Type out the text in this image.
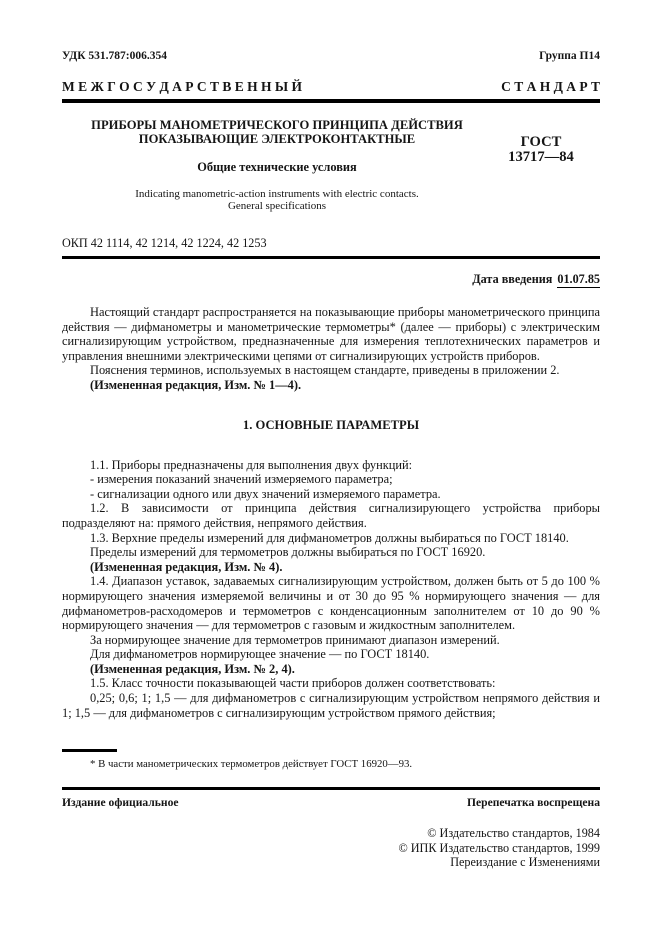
УДК 531.787:006.354	Группа П14
М Е Ж Г О С У Д А Р С Т В Е Н Н Ы Й	С Т А Н Д А Р Т
ПРИБОРЫ МАНОМЕТРИЧЕСКОГО ПРИНЦИПА ДЕЙСТВИЯ
ПОКАЗЫВАЮЩИЕ ЭЛЕКТРОКОНТАКТНЫЕ
Общие технические условия
Indicating manometric-action instruments with electric contacts.
General specifications
ГОСТ
13717—84
ОКП 42 1114, 42 1214, 42 1224, 42 1253
Дата введения 01.07.85

Настоящий стандарт распространяется на показывающие приборы манометрического принципа действия — дифманометры и манометрические термометры* (далее — приборы) с электрическим сигнализирующим устройством, предназначенные для измерения теплотехнических параметров и управления внешними электрическими цепями от сигнализирующих устройств приборов.

Пояснения терминов, используемых в настоящем стандарте, приведены в приложении 2.

(Измененная редакция, Изм. № 1—4).

1. ОСНОВНЫЕ ПАРАМЕТРЫ

1.1. Приборы предназначены для выполнения двух функций:

- измерения показаний значений измеряемого параметра;

- сигнализации одного или двух значений измеряемого параметра.

1.2. В зависимости от принципа действия сигнализирующего устройства приборы подразделяют на: прямого действия, непрямого действия.

1.3. Верхние пределы измерений для дифманометров должны выбираться по ГОСТ 18140.

Пределы измерений для термометров должны выбираться по ГОСТ 16920.

(Измененная редакция, Изм. № 4).

1.4. Диапазон уставок, задаваемых сигнализирующим устройством, должен быть от 5 до 100 % нормирующего значения измеряемой величины и от 30 до 95 % нормирующего значения — для дифманометров-расходомеров и термометров с конденсационным заполнителем от 10 до 90 % нормирующего значения — для термометров с газовым и жидкостным заполнителем.

За нормирующее значение для термометров принимают диапазон измерений.

Для дифманометров нормирующее значение — по ГОСТ 18140.

(Измененная редакция, Изм. № 2, 4).

1.5. Класс точности показывающей части приборов должен соответствовать:

0,25; 0,6; 1; 1,5 — для дифманометров с сигнализирующим устройством непрямого действия и 1; 1,5 — для дифманометров с сигнализирующим устройством прямого действия;

* В части манометрических термометров действует ГОСТ 16920—93.
Издание официальное	Перепечатка воспрещена
© Издательство стандартов, 1984
© ИПК Издательство стандартов, 1999
Переиздание с Изменениями
